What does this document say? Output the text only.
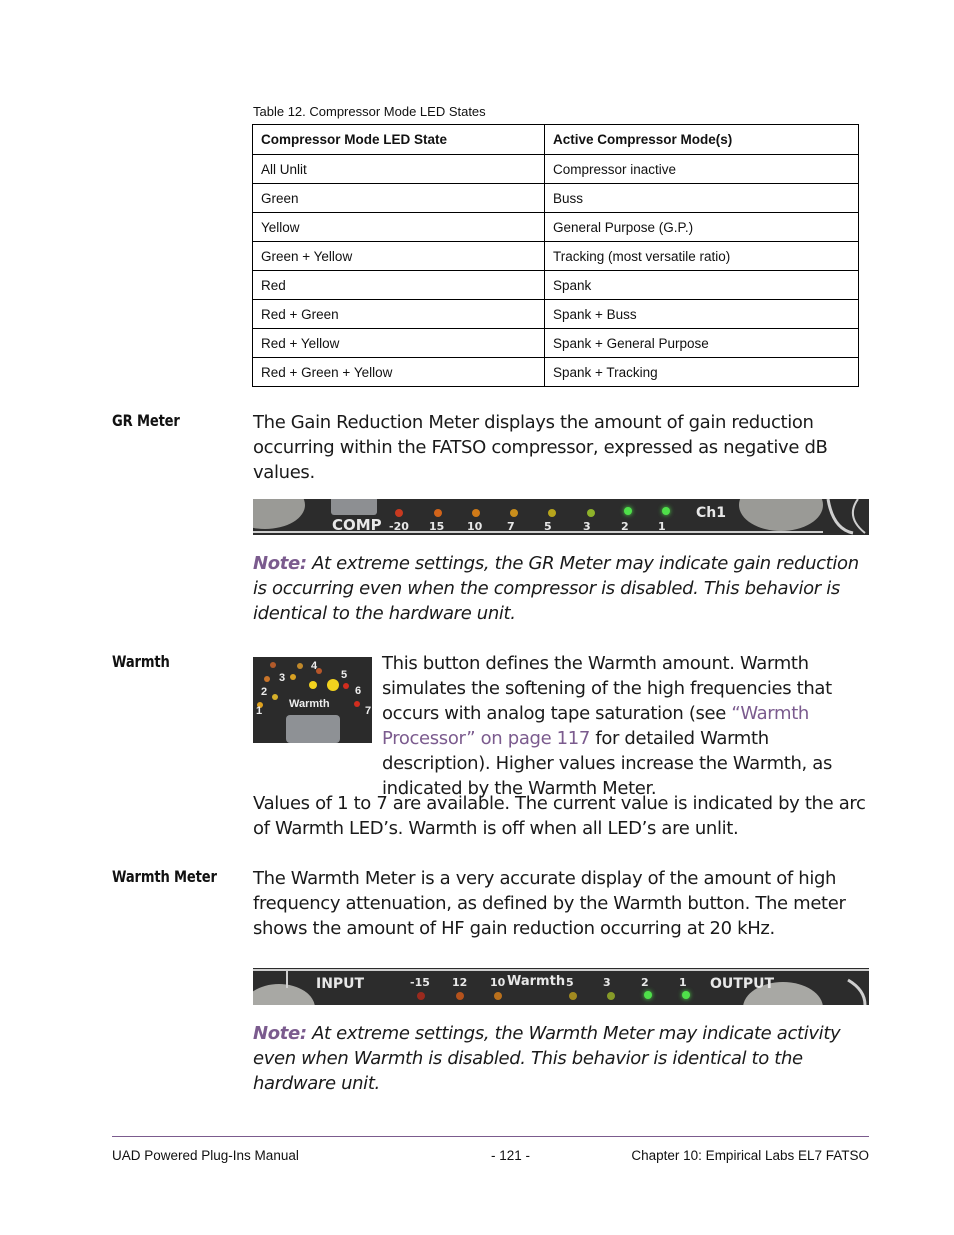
Table 12. Compressor Mode LED States
Compressor Mode LED State	Active Compressor Mode(s)
All Unlit	Compressor inactive
Green	Buss
Yellow	General Purpose (G.P.)
Green + Yellow	Tracking (most versatile ratio)
Red	Spank
Red + Green	Spank + Buss
Red + Yellow	Spank + General Purpose
Red + Green + Yellow	Spank + Tracking
GR Meter	The Gain Reduction Meter displays the amount of gain reduction occurring within the FATSO compressor, expressed as negative dB values.
COMP -20 15 10 7	5	3	2	1
Ch1
Note: At extreme settings, the GR Meter may indicate gain reduction is occurring even when the compressor is disabled. This behavior is identical to the hardware unit.
Warmth
3
4
5
2	6
1	7
Warmth
This button defines the Warmth amount. Warmth simulates the softening of the high frequencies that occurs with analog tape saturation (see “Warmth Processor” on page 117 for detailed Warmth description). Higher values increase the Warmth, as indicated by the Warmth Meter.
Values of 1 to 7 are available. The current value is indicated by the arc of Warmth LED’s. Warmth is off when all LED’s are unlit.
Warmth Meter The Warmth Meter is a very accurate display of the amount of high frequency attenuation, as defined by the Warmth button. The meter shows the amount of HF gain reduction occurring at 20 kHz.
INPUT	-15 12 10 Warmth 5	3	2	1 OUTPUT
Note: At extreme settings, the Warmth Meter may indicate activity even when Warmth is disabled. This behavior is identical to the hardware unit.
UAD Powered Plug-Ins Manual	- 121 -	Chapter 10: Empirical Labs EL7 FATSO
